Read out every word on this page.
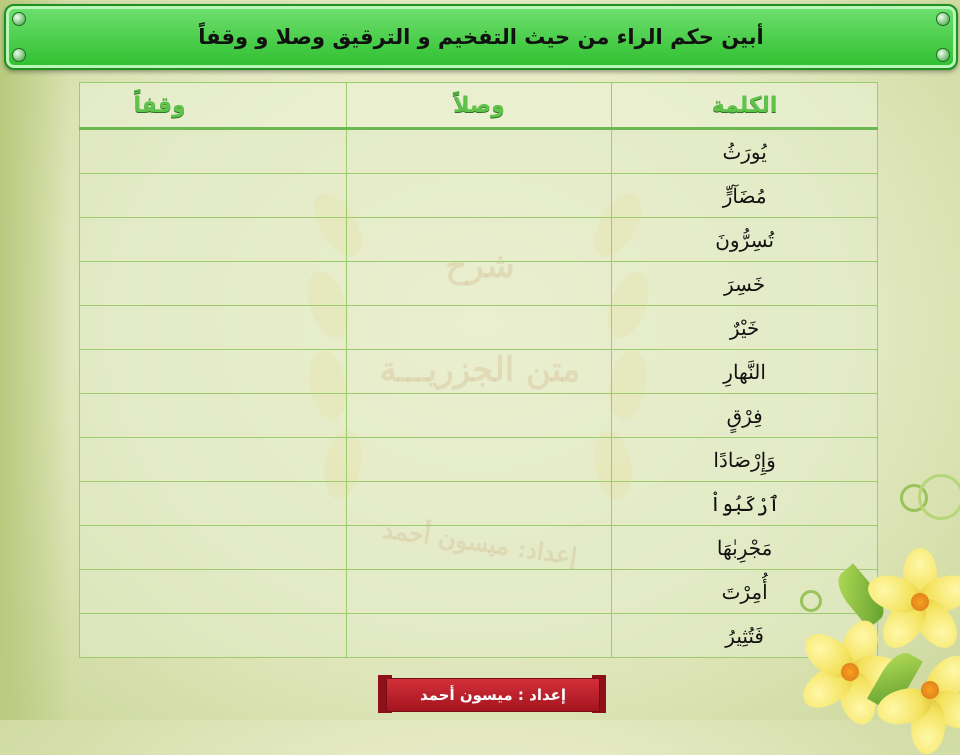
أبين حكم الراء من حيث التفخيم و الترقيق وصلا و وقفاً
الكلمة	وصلاً	وقفاً
يُورَثُ		
مُضَآرٍّ		
تُسِرُّونَ		
خَسِرَ		
خَيْرٌ		
النَّهارِ		
فِرْقٍ		
وَإِرْصَادًا		
ٱرْكَبُواْ		
مَجْرِبٰهَا		
أُمِرْتَ		
فَتُثِيرُ		
إعداد : ميسون أحمد
